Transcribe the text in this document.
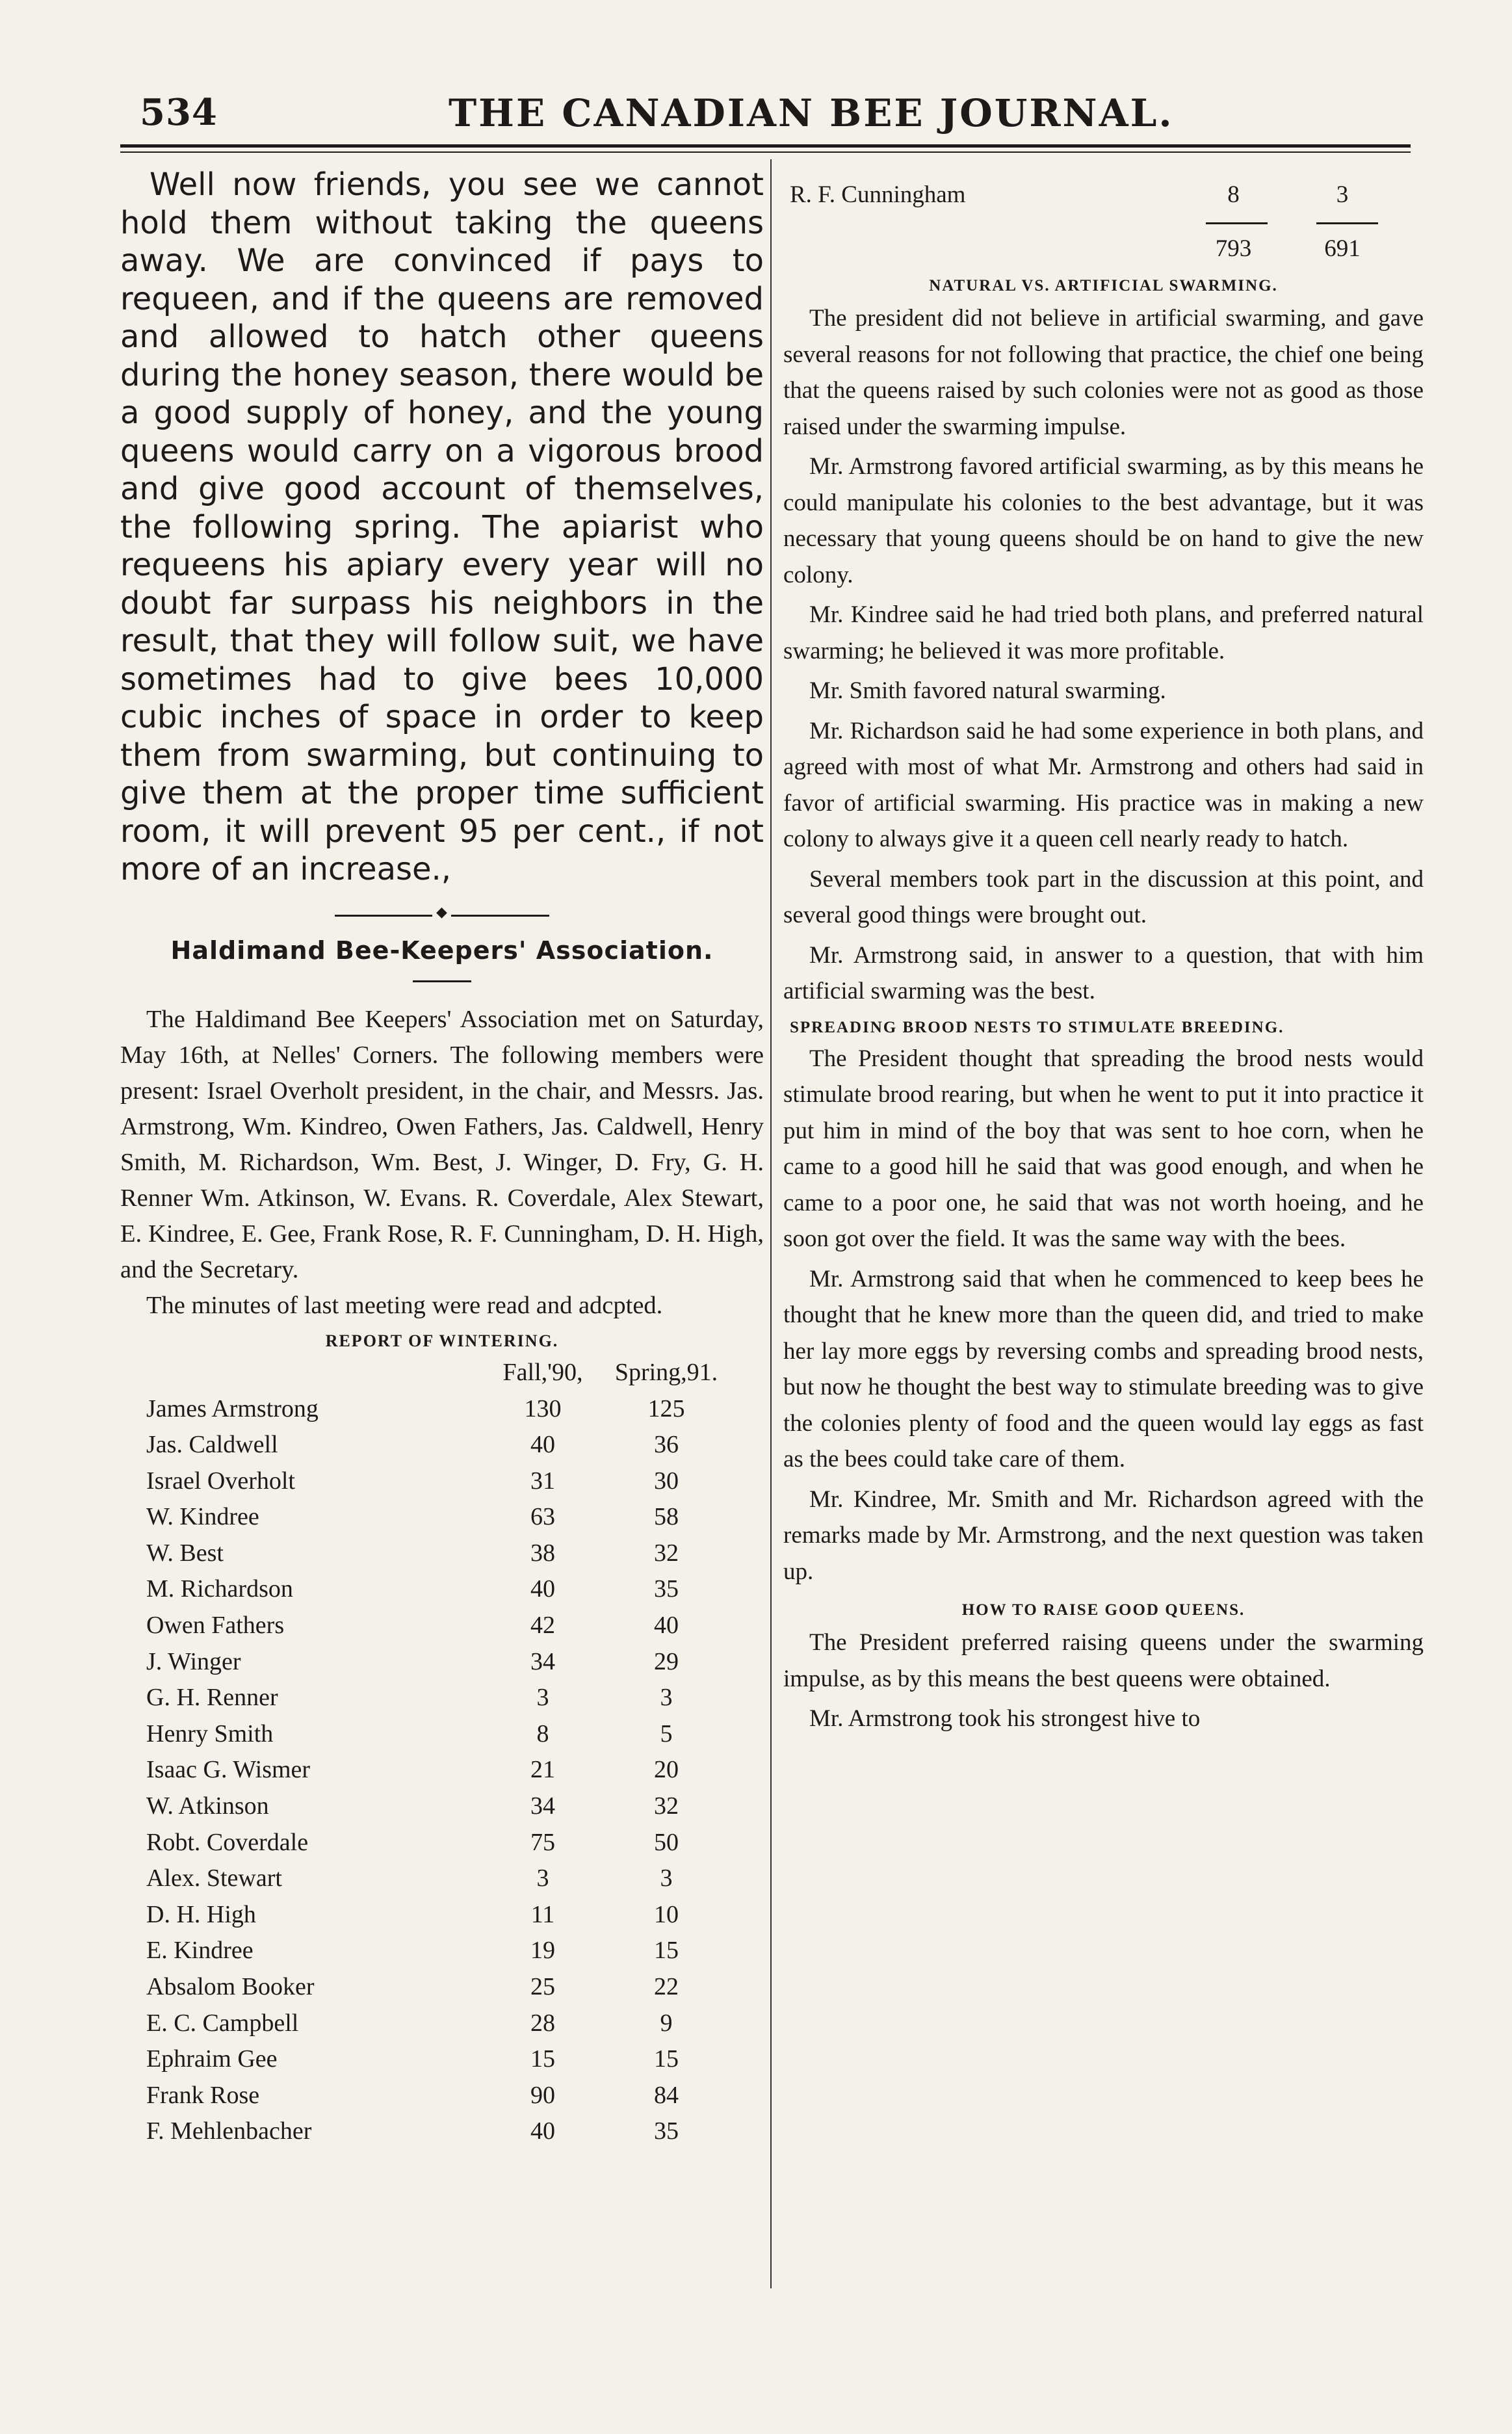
534	THE CANADIAN BEE JOURNAL.

Well now friends, you see we cannot hold them without taking the queens away. We are convinced if pays to requeen, and if the queens are removed and allowed to hatch other queens during the honey season, there would be a good supply of honey, and the young queens would carry on a vigorous brood and give good account of themselves, the following spring. The apiarist who requeens his apiary every year will no doubt far surpass his neighbors in the result, that they will follow suit, we have sometimes had to give bees 10,000 cubic inches of space in order to keep them from swarming, but continuing to give them at the proper time sufficient room, it will prevent 95 per cent., if not more of an increase.,

◆
Haldimand Bee-Keepers' Association.

The Haldimand Bee Keepers' Association met on Saturday, May 16th, at Nelles' Corners. The following members were present: Israel Overholt president, in the chair, and Messrs. Jas. Armstrong, Wm. Kindreo, Owen Fathers, Jas. Caldwell, Henry Smith, M. Richardson, Wm. Best, J. Winger, D. Fry, G. H. Renner Wm. Atkinson, W. Evans. R. Coverdale, Alex Stewart, E. Kindree, E. Gee, Frank Rose, R. F. Cunningham, D. H. High, and the Secretary.

The minutes of last meeting were read and adcpted.

REPORT OF WINTERING.
Fall,'90,	Spring,91.
James Armstrong	130	125
Jas. Caldwell	40	36
Israel Overholt	31	30
W. Kindree	63	58
W. Best	38	32
M. Richardson	40	35
Owen Fathers	42	40
J. Winger	34	29
G. H. Renner	3	3
Henry Smith	8	5
Isaac G. Wismer	21	20
W. Atkinson	34	32
Robt. Coverdale	75	50
Alex. Stewart	3	3
D. H. High	11	10
E. Kindree	19	15
Absalom Booker	25	22
E. C. Campbell	28	9
Ephraim Gee	15	15
Frank Rose	90	84
F. Mehlenbacher	40	35
R. F. Cunningham	8	3
793	691
NATURAL VS. ARTIFICIAL SWARMING.

The president did not believe in artificial swarming, and gave several reasons for not following that practice, the chief one being that the queens raised by such colonies were not as good as those raised under the swarming impulse.

Mr. Armstrong favored artificial swarming, as by this means he could manipulate his colonies to the best advantage, but it was necessary that young queens should be on hand to give the new colony.

Mr. Kindree said he had tried both plans, and preferred natural swarming; he believed it was more profitable.

Mr. Smith favored natural swarming.

Mr. Richardson said he had some experience in both plans, and agreed with most of what Mr. Armstrong and others had said in favor of artificial swarming. His practice was in making a new colony to always give it a queen cell nearly ready to hatch.

Several members took part in the discussion at this point, and several good things were brought out.

Mr. Armstrong said, in answer to a question, that with him artificial swarming was the best.

SPREADING BROOD NESTS TO STIMULATE BREEDING.

The President thought that spreading the brood nests would stimulate brood rearing, but when he went to put it into practice it put him in mind of the boy that was sent to hoe corn, when he came to a good hill he said that was good enough, and when he came to a poor one, he said that was not worth hoeing, and he soon got over the field. It was the same way with the bees.

Mr. Armstrong said that when he commenced to keep bees he thought that he knew more than the queen did, and tried to make her lay more eggs by reversing combs and spreading brood nests, but now he thought the best way to stimulate breeding was to give the colonies plenty of food and the queen would lay eggs as fast as the bees could take care of them.

Mr. Kindree, Mr. Smith and Mr. Richardson agreed with the remarks made by Mr. Armstrong, and the next question was taken up.

HOW TO RAISE GOOD QUEENS.

The President preferred raising queens under the swarming impulse, as by this means the best queens were obtained.

Mr. Armstrong took his strongest hive to
